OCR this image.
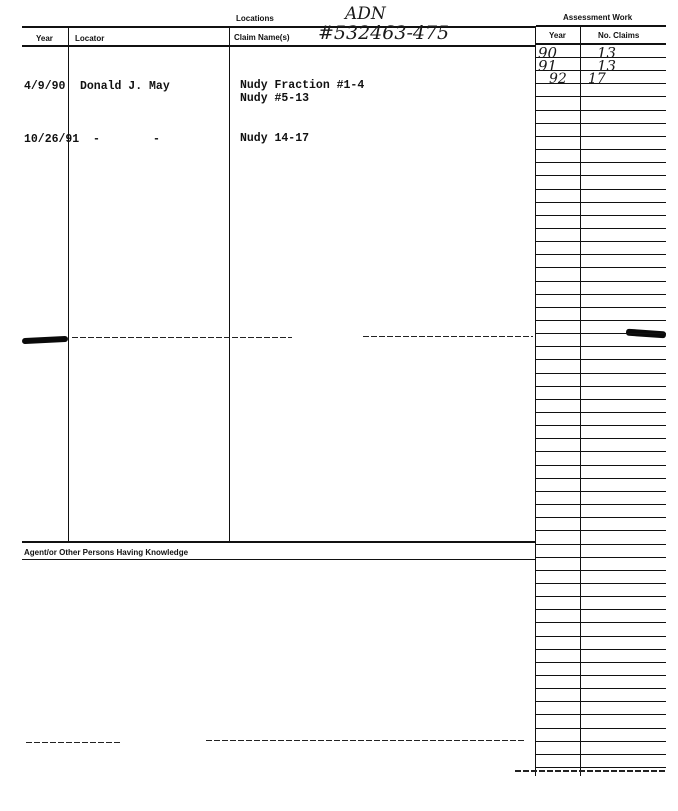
Locations	ADN	Assessment Work
Year	Locator	Claim Name(s) #532463-475	Year	No. Claims
4/9/90 Donald J. May	Nudy Fraction #1-4
Nudy #5-13
10/26/91 -	-	Nudy 14-17
Agent/or Other Persons Having Knowledge
90	13
91	13
92 17
